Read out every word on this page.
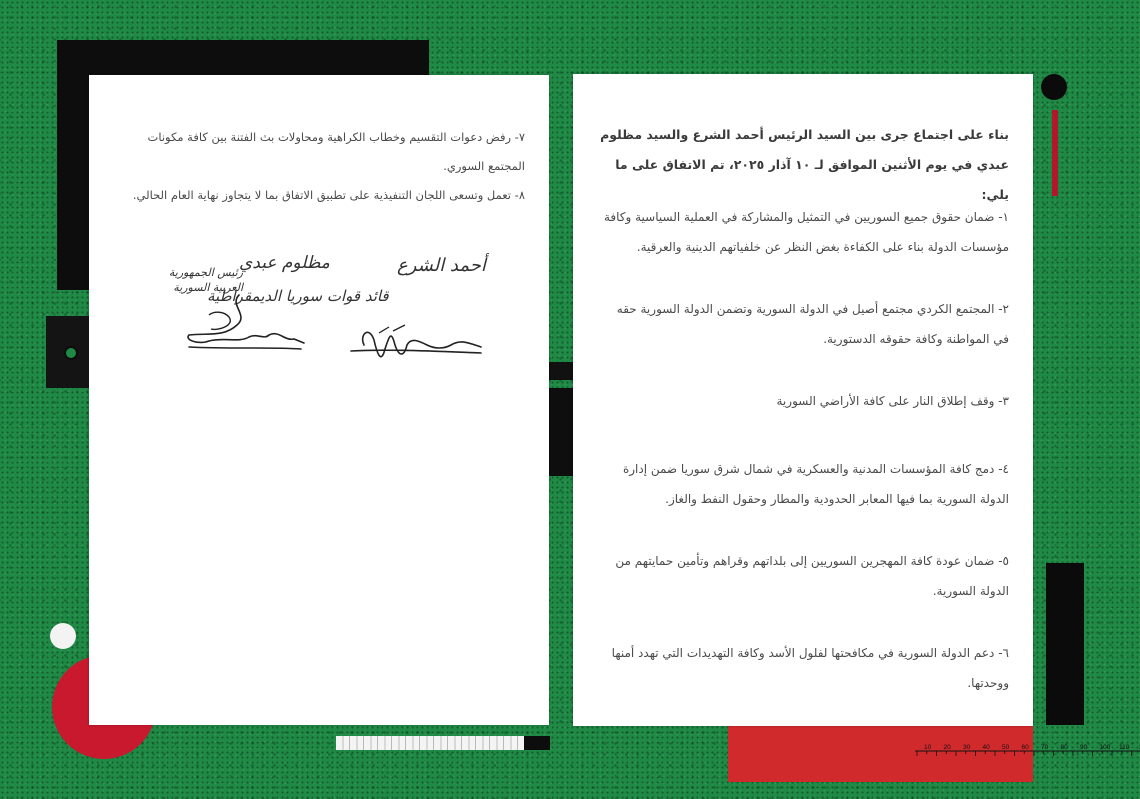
10 20 30 40 50 60 70 80 90 100 110

٧- رفض دعوات التقسيم وخطاب الكراهية ومحاولات بث الفتنة بين كافة مكونات المجتمع السوري.

٨- تعمل وتسعى اللجان التنفيذية على تطبيق الاتفاق بما لا يتجاوز نهاية العام الحالي.

أحمد الشرع
رئيس الجمهورية
العربية السورية
مظلوم عبدي
قائد قوات سوريا الديمقراطية

بناء على اجتماع جرى بين السيد الرئيس أحمد الشرع والسيد مظلوم عبدي في يوم الأثنين الموافق لـ ١٠ آذار ٢٠٢٥، تم الاتفاق على ما يلي:

١- ضمان حقوق جميع السوريين في التمثيل والمشاركة في العملية السياسية وكافة مؤسسات الدولة بناء على الكفاءة بغض النظر عن خلفياتهم الدينية والعرقية.

٢- المجتمع الكردي مجتمع أصيل في الدولة السورية وتضمن الدولة السورية حقه في المواطنة وكافة حقوقه الدستورية.

٣- وقف إطلاق النار على كافة الأراضي السورية

٤- دمج كافة المؤسسات المدنية والعسكرية في شمال شرق سوريا ضمن إدارة الدولة السورية بما فيها المعابر الحدودية والمطار وحقول النفط والغاز.

٥- ضمان عودة كافة المهجرين السوريين إلى بلداتهم وقراهم وتأمين حمايتهم من الدولة السورية.

٦- دعم الدولة السورية في مكافحتها لفلول الأسد وكافة التهديدات التي تهدد أمنها ووحدتها.
